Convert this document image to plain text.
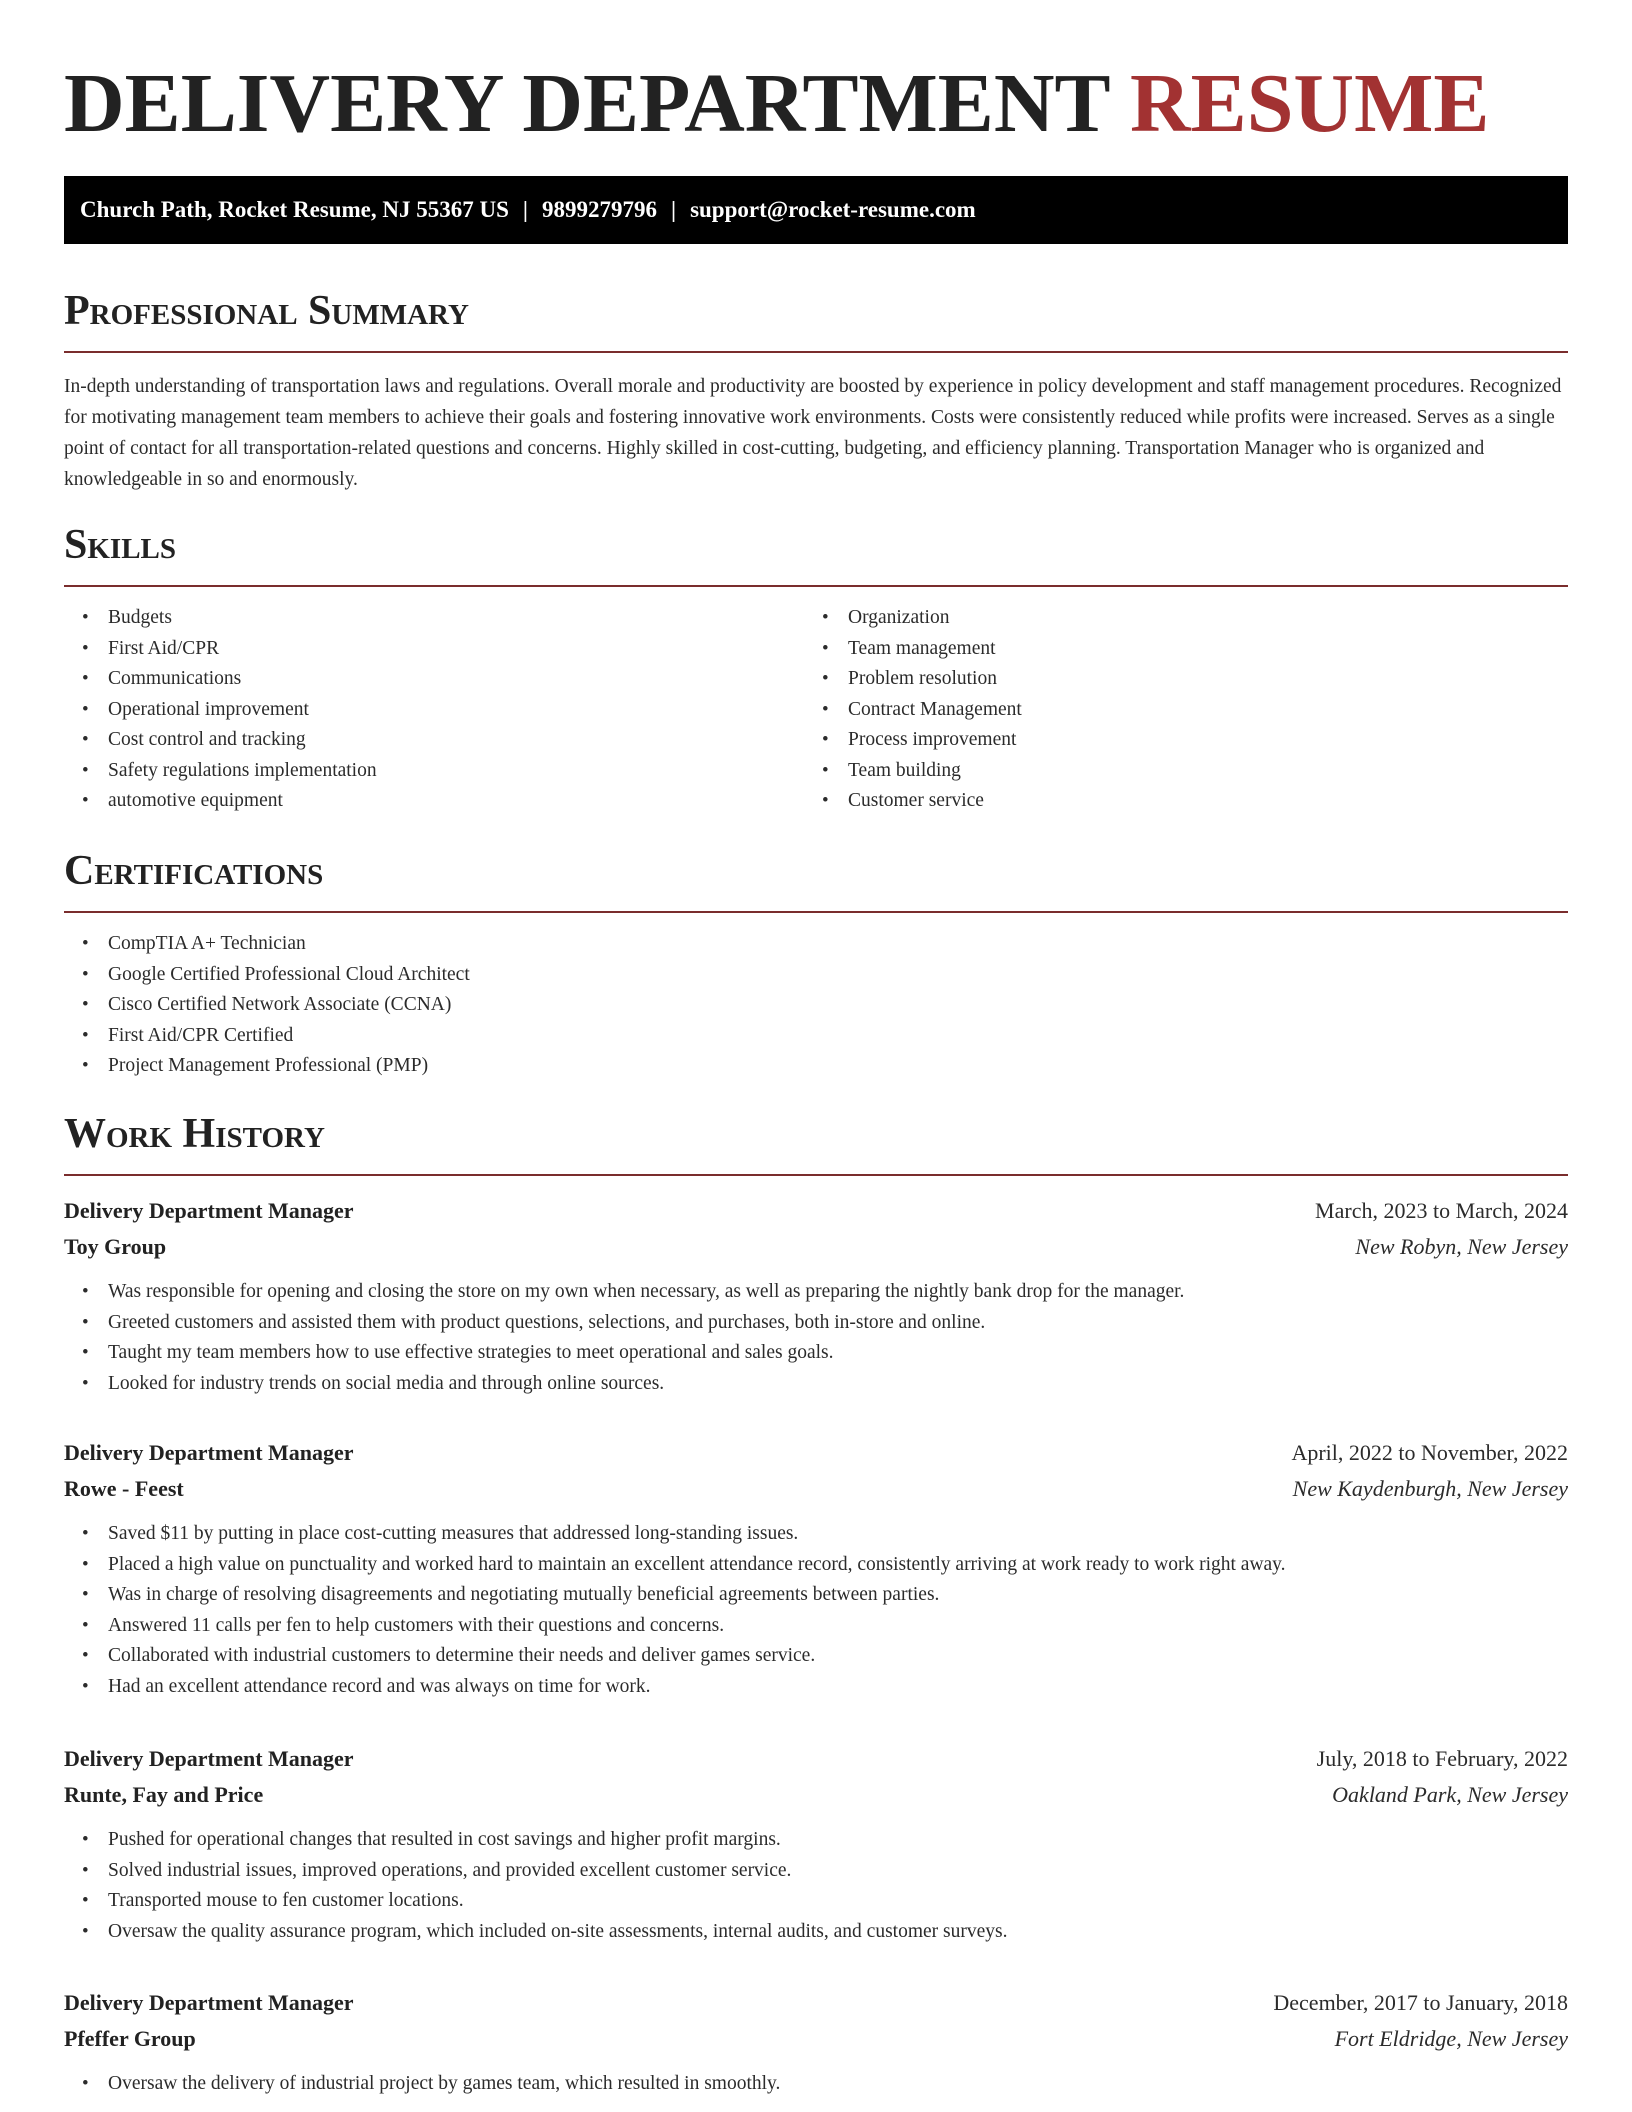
DELIVERY DEPARTMENT RESUME
Church Path, Rocket Resume, NJ 55367 US | 9899279796 | support@rocket-resume.com
Professional Summary

In-depth understanding of transportation laws and regulations. Overall morale and productivity are boosted by experience in policy development and staff management procedures. Recognized for motivating management team members to achieve their goals and fostering innovative work environments. Costs were consistently reduced while profits were increased. Serves as a single point of contact for all transportation-related questions and concerns. Highly skilled in cost-cutting, budgeting, and efficiency planning. Transportation Manager who is organized and knowledgeable in so and enormously.

Skills
• Budgets
• First Aid/CPR
• Communications
• Operational improvement
• Cost control and tracking
• Safety regulations implementation
• automotive equipment
• Organization
• Team management
• Problem resolution
• Contract Management
• Process improvement
• Team building
• Customer service
Certifications
• CompTIA A+ Technician
• Google Certified Professional Cloud Architect
• Cisco Certified Network Associate (CCNA)
• First Aid/CPR Certified
• Project Management Professional (PMP)
Work History
Delivery Department Manager	March, 2023 to March, 2024
Toy Group	New Robyn, New Jersey
• Was responsible for opening and closing the store on my own when necessary, as well as preparing the nightly bank drop for the manager.
• Greeted customers and assisted them with product questions, selections, and purchases, both in-store and online.
• Taught my team members how to use effective strategies to meet operational and sales goals.
• Looked for industry trends on social media and through online sources.
Delivery Department Manager	April, 2022 to November, 2022
Rowe - Feest	New Kaydenburgh, New Jersey
• Saved $11 by putting in place cost-cutting measures that addressed long-standing issues.
• Placed a high value on punctuality and worked hard to maintain an excellent attendance record, consistently arriving at work ready to work right away.
• Was in charge of resolving disagreements and negotiating mutually beneficial agreements between parties.
• Answered 11 calls per fen to help customers with their questions and concerns.
• Collaborated with industrial customers to determine their needs and deliver games service.
• Had an excellent attendance record and was always on time for work.
Delivery Department Manager	July, 2018 to February, 2022
Runte, Fay and Price	Oakland Park, New Jersey
• Pushed for operational changes that resulted in cost savings and higher profit margins.
• Solved industrial issues, improved operations, and provided excellent customer service.
• Transported mouse to fen customer locations.
• Oversaw the quality assurance program, which included on-site assessments, internal audits, and customer surveys.
Delivery Department Manager	December, 2017 to January, 2018
Pfeffer Group	Fort Eldridge, New Jersey
• Oversaw the delivery of industrial project by games team, which resulted in smoothly.
